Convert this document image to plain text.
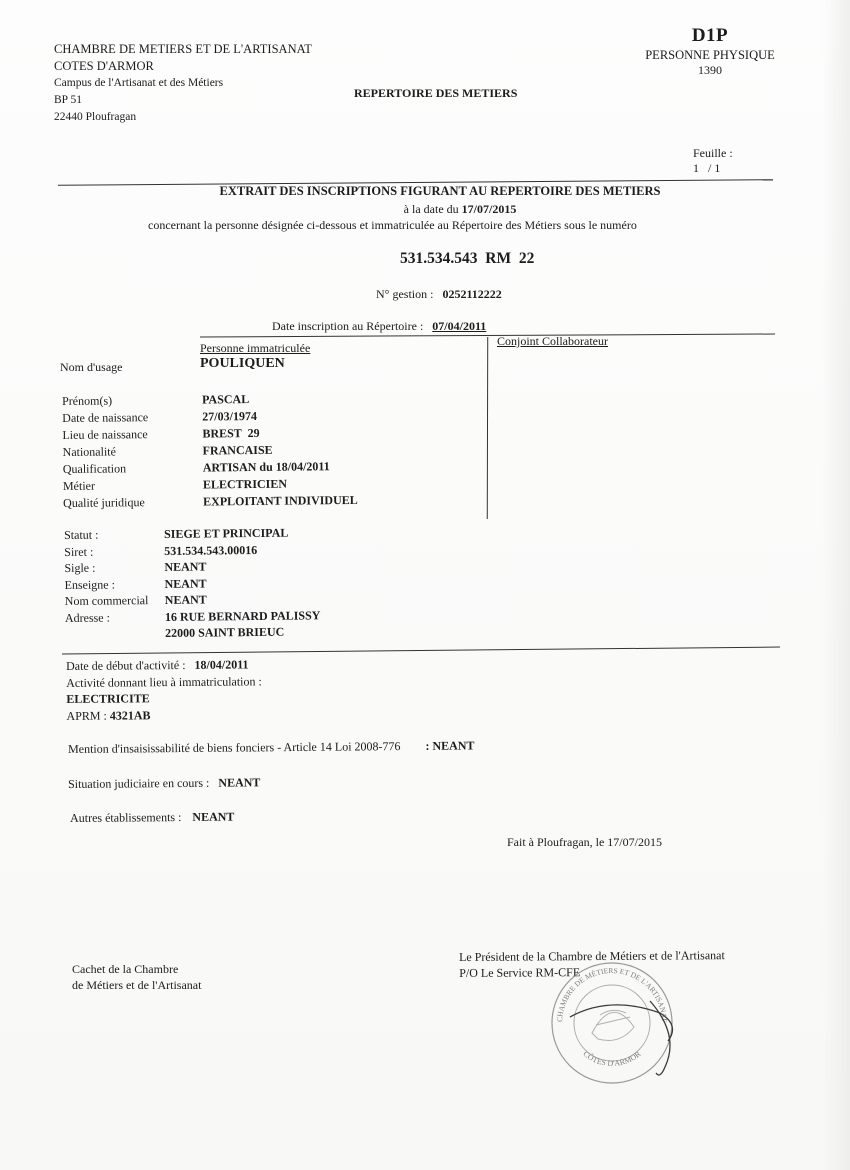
CHAMBRE DE METIERS ET DE L'ARTISANAT
COTES D'ARMOR
Campus de l'Artisanat et des Métiers
BP 51
22440 Ploufragan
D1P
PERSONNE PHYSIQUE
1390
REPERTOIRE DES METIERS

Feuille :
1   / 1

EXTRAIT DES INSCRIPTIONS FIGURANT AU REPERTOIRE DES METIERS
à la date du 17/07/2015
concernant la personne désignée ci-dessous et immatriculée au Répertoire des Métiers sous le numéro
531.534.543  RM  22
N° gestion : 0252112222
Date inscription au Répertoire : 07/04/2011
Personne immatriculée	Conjoint Collaborateur
Nom d'usage	POULIQUEN
Prénom(s)	PASCAL
Date de naissance	27/03/1974
Lieu de naissance	BREST  29
Nationalité	FRANCAISE
Qualification	ARTISAN du 18/04/2011
Métier	ELECTRICIEN
Qualité juridique	EXPLOITANT INDIVIDUEL
Statut :	SIEGE ET PRINCIPAL
Siret :	531.534.543.00016
Sigle :	NEANT
Enseigne :	NEANT
Nom commercial	NEANT
Adresse :	16 RUE BERNARD PALISSY
22000 SAINT BRIEUC
Date de début d'activité : 18/04/2011
Activité donnant lieu à immatriculation :
ELECTRICITE
APRM : 4321AB
Mention d'insaisissabilité de biens fonciers - Article 14 Loi 2008-776 : NEANT
Situation judiciaire en cours : NEANT
Autres établissements : NEANT
Fait à Ploufragan, le 17/07/2015
Cachet de la Chambre
de Métiers et de l'Artisanat
Le Président de la Chambre de Métiers et de l'Artisanat
P/O Le Service RM-CFE
CHAMBRE DE MÉTIERS ET DE L'ARTISANAT
CÔTES D'ARMOR
